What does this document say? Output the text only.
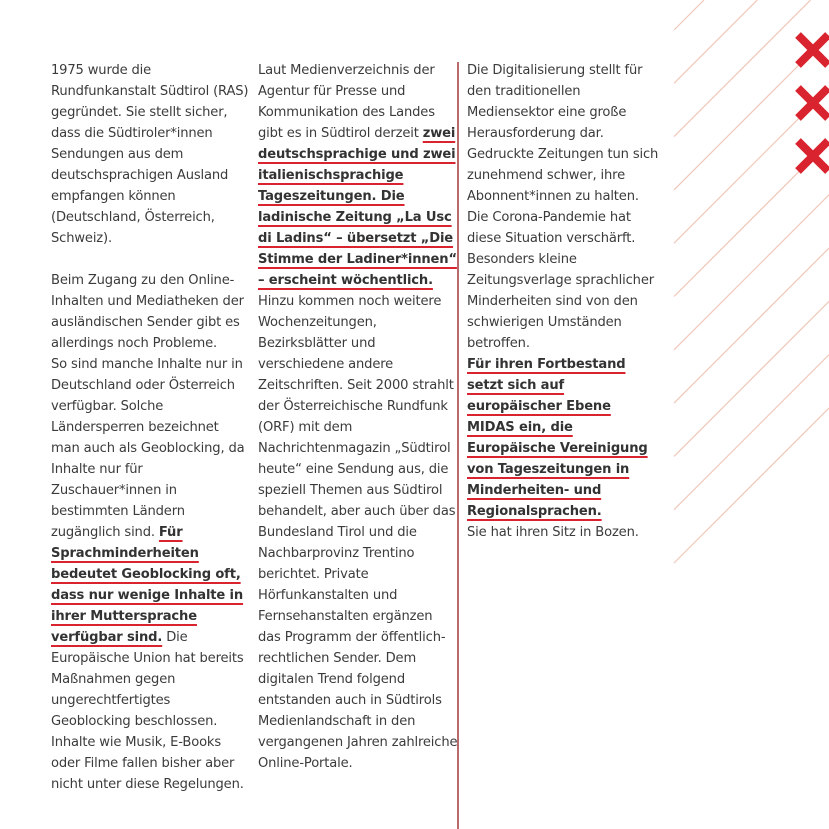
1975 wurde die Rundfunkanstalt Südtirol (RAS) gegründet. Sie stellt sicher, dass die Südtiroler*innen Sendungen aus dem deutschsprachigen Ausland empfangen können (Deutschland, Österreich, Schweiz).

Beim Zugang zu den Online-Inhalten und Mediatheken der ausländischen Sender gibt es allerdings noch Probleme.

So sind manche Inhalte nur in Deutschland oder Österreich verfügbar. Solche Ländersperren bezeichnet man auch als Geoblocking, da Inhalte nur für Zuschauer*innen in bestimmten Ländern zugänglich sind. Für Sprachminderheiten bedeutet Geoblocking oft, dass nur wenige Inhalte in ihrer Muttersprache verfügbar sind. Die Europäische Union hat bereits Maßnahmen gegen ungerechtfertigtes Geoblocking beschlossen. Inhalte wie Musik, E-Books oder Filme fallen bisher aber nicht unter diese Regelungen.

Laut Medienverzeichnis der Agentur für Presse und Kommunikation des Landes gibt es in Südtirol derzeit zwei deutschsprachige und zwei italienischsprachige Tageszeitungen. Die ladinische Zeitung „La Usc di Ladins“ – übersetzt „Die Stimme der Ladiner*innen“ – erscheint wöchentlich. Hinzu kommen noch weitere Wochenzeitungen, Bezirksblätter und verschiedene andere Zeitschriften. Seit 2000 strahlt der Österreichische Rundfunk (ORF) mit dem Nachrichtenmagazin „Südtirol heute“ eine Sendung aus, die speziell Themen aus Südtirol behandelt, aber auch über das Bundesland Tirol und die Nachbarprovinz Trentino berichtet. Private Hörfunkanstalten und Fernsehanstalten ergänzen das Programm der öffentlich-rechtlichen Sender. Dem digitalen Trend folgend entstanden auch in Südtirols Medienlandschaft in den vergangenen Jahren zahlreiche Online-Portale.

Die Digitalisierung stellt für den traditionellen Mediensektor eine große Herausforderung dar. Gedruckte Zeitungen tun sich zunehmend schwer, ihre Abonnent*innen zu halten. Die Corona-Pandemie hat diese Situation verschärft. Besonders kleine Zeitungsverlage sprachlicher Minderheiten sind von den schwierigen Umständen betroffen.

Für ihren Fortbestand setzt sich auf europäischer Ebene MIDAS ein, die Europäische Vereinigung von Tageszeitungen in Minderheiten- und Regionalsprachen.

Sie hat ihren Sitz in Bozen.
